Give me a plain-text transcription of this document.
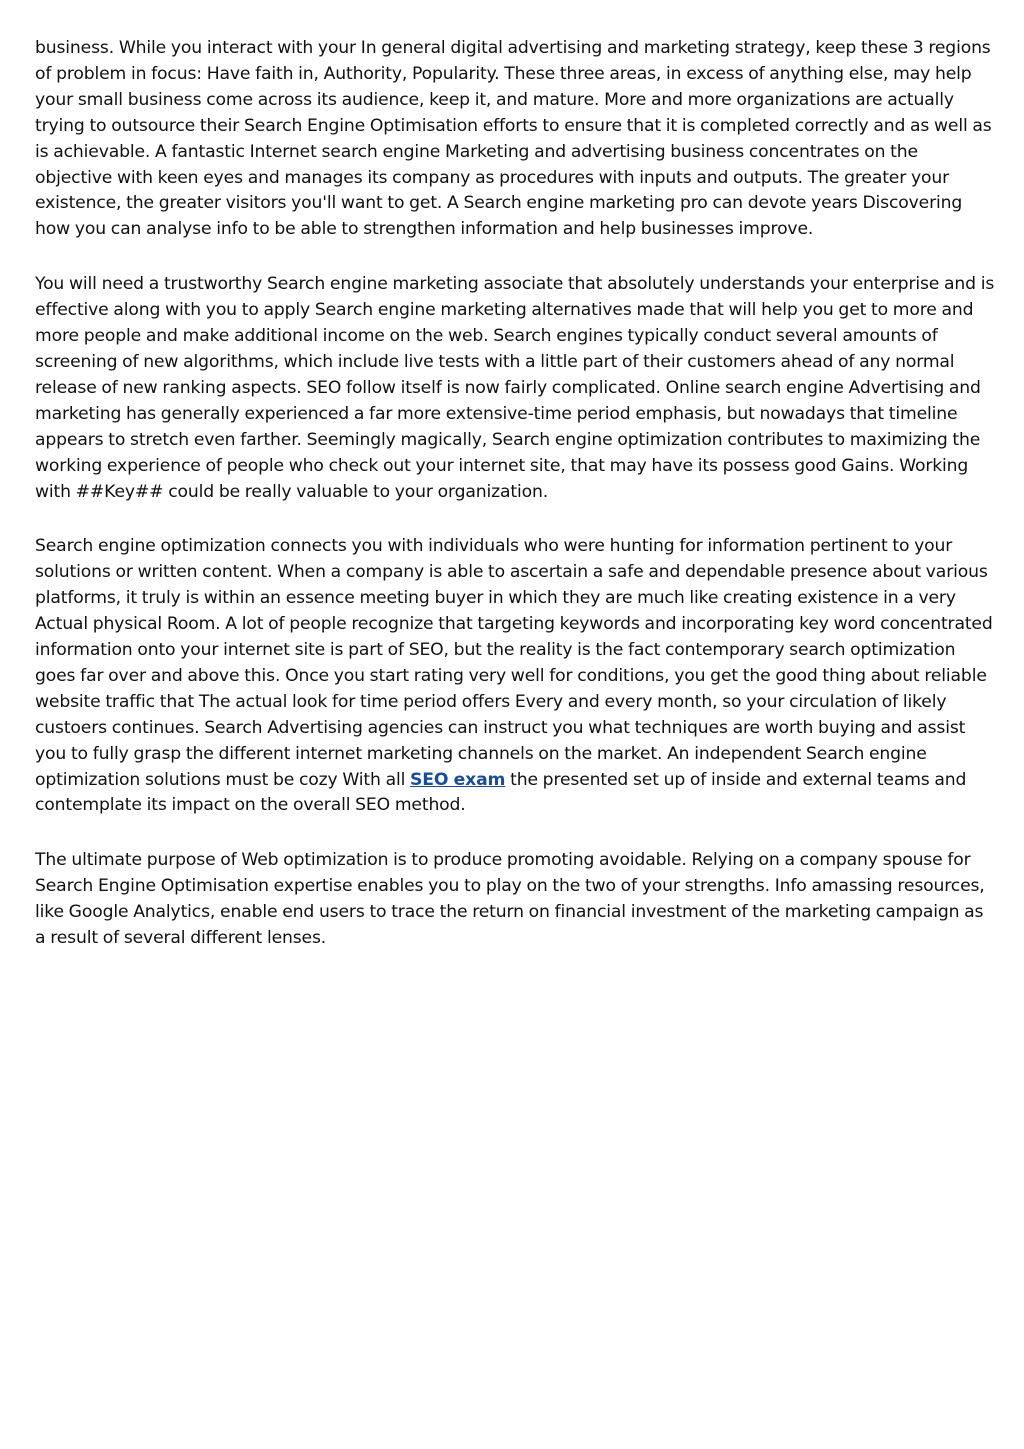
business. While you interact with your In general digital advertising and marketing strategy, keep these 3 regions of problem in focus: Have faith in, Authority, Popularity. These three areas, in excess of anything else, may help your small business come across its audience, keep it, and mature. More and more organizations are actually trying to outsource their Search Engine Optimisation efforts to ensure that it is completed correctly and as well as is achievable. A fantastic Internet search engine Marketing and advertising business concentrates on the objective with keen eyes and manages its company as procedures with inputs and outputs. The greater your existence, the greater visitors you'll want to get. A Search engine marketing pro can devote years Discovering how you can analyse info to be able to strengthen information and help businesses improve.

You will need a trustworthy Search engine marketing associate that absolutely understands your enterprise and is effective along with you to apply Search engine marketing alternatives made that will help you get to more and more people and make additional income on the web. Search engines typically conduct several amounts of screening of new algorithms, which include live tests with a little part of their customers ahead of any normal release of new ranking aspects. SEO follow itself is now fairly complicated. Online search engine Advertising and marketing has generally experienced a far more extensive-time period emphasis, but nowadays that timeline appears to stretch even farther. Seemingly magically, Search engine optimization contributes to maximizing the working experience of people who check out your internet site, that may have its possess good Gains. Working with ##Key## could be really valuable to your organization.

Search engine optimization connects you with individuals who were hunting for information pertinent to your solutions or written content. When a company is able to ascertain a safe and dependable presence about various platforms, it truly is within an essence meeting buyer in which they are much like creating existence in a very Actual physical Room. A lot of people recognize that targeting keywords and incorporating key word concentrated information onto your internet site is part of SEO, but the reality is the fact contemporary search optimization goes far over and above this. Once you start rating very well for conditions, you get the good thing about reliable website traffic that The actual look for time period offers Every and every month, so your circulation of likely custoers continues. Search Advertising agencies can instruct you what techniques are worth buying and assist you to fully grasp the different internet marketing channels on the market. An independent Search engine optimization solutions must be cozy With all SEO exam the presented set up of inside and external teams and contemplate its impact on the overall SEO method.

The ultimate purpose of Web optimization is to produce promoting avoidable. Relying on a company spouse for Search Engine Optimisation expertise enables you to play on the two of your strengths. Info amassing resources, like Google Analytics, enable end users to trace the return on financial investment of the marketing campaign as a result of several different lenses.
